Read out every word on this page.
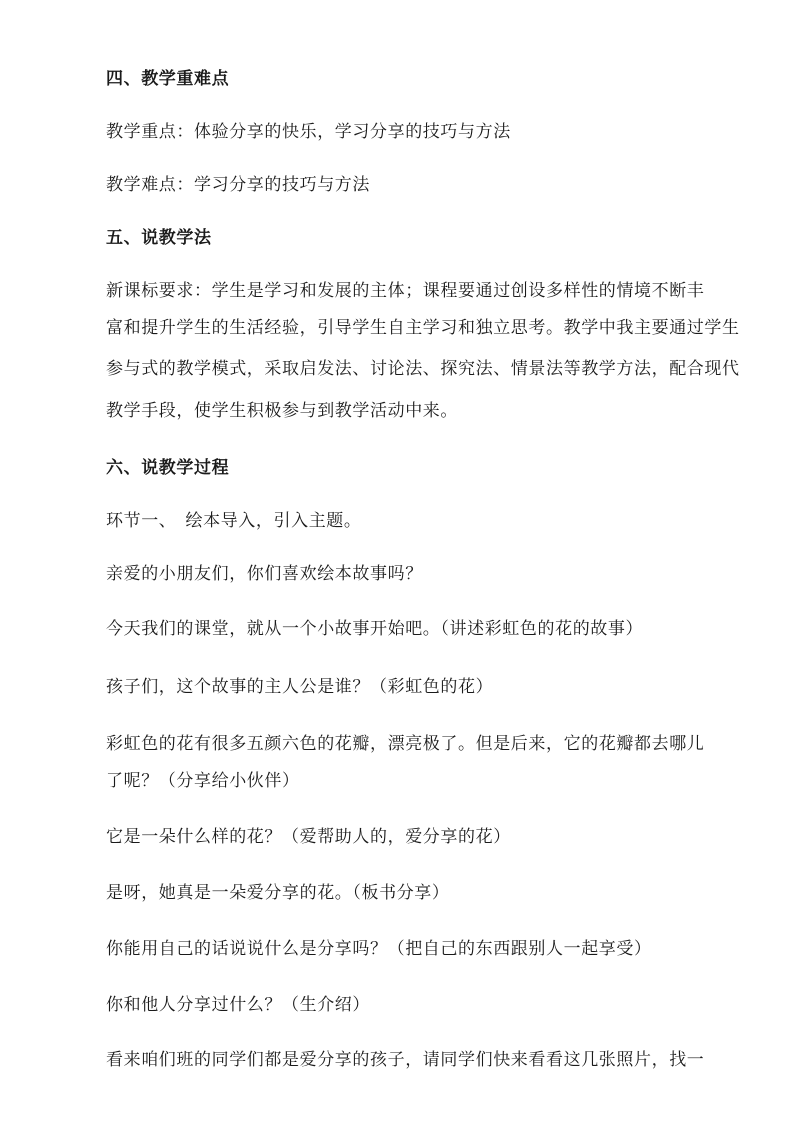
四、教学重难点
教学重点：体验分享的快乐，学习分享的技巧与方法
教学难点：学习分享的技巧与方法
五、说教学法
新课标要求：学生是学习和发展的主体；课程要通过创设多样性的情境不断丰
富和提升学生的生活经验，引导学生自主学习和独立思考。教学中我主要通过学生
参与式的教学模式，采取启发法、讨论法、探究法、情景法等教学方法，配合现代
教学手段，使学生积极参与到教学活动中来。
六、说教学过程
环节一、　绘本导入，引入主题。
亲爱的小朋友们，你们喜欢绘本故事吗？
今天我们的课堂，就从一个小故事开始吧。（讲述彩虹色的花的故事）
孩子们，这个故事的主人公是谁？（彩虹色的花）
彩虹色的花有很多五颜六色的花瓣，漂亮极了。但是后来，它的花瓣都去哪儿
了呢？（分享给小伙伴）
它是一朵什么样的花？（爱帮助人的，爱分享的花）
是呀，她真是一朵爱分享的花。（板书分享）
你能用自己的话说说什么是分享吗？（把自己的东西跟别人一起享受）
你和他人分享过什么？（生介绍）
看来咱们班的同学们都是爱分享的孩子，请同学们快来看看这几张照片，找一
